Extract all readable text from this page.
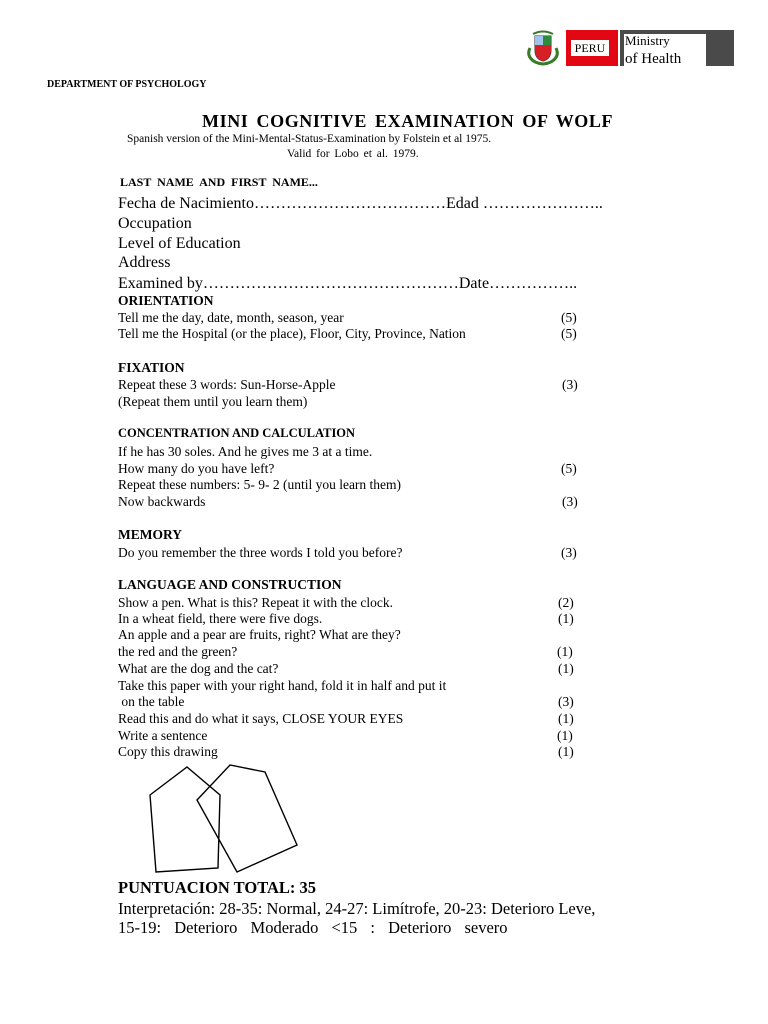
PERU Ministry
of Health
DEPARTMENT OF PSYCHOLOGY
MINI COGNITIVE EXAMINATION OF WOLF
Spanish version of the Mini-Mental-Status-Examination by Folstein et al 1975.
Valid for Lobo et al. 1979.
LAST NAME AND FIRST NAME...
Fecha de Nacimiento………………………………Edad …………………..
Occupation
Level of Education
Address
Examined by…………………………………………Date……………..
ORIENTATION
Tell me the day, date, month, season, year	(5)
Tell me the Hospital (or the place), Floor, City, Province, Nation	(5)
FIXATION
Repeat these 3 words: Sun-Horse-Apple	(3)
(Repeat them until you learn them)
CONCENTRATION AND CALCULATION
If he has 30 soles. And he gives me 3 at a time.
How many do you have left?	(5)
Repeat these numbers: 5- 9- 2 (until you learn them)
Now backwards	(3)
MEMORY
Do you remember the three words I told you before?	(3)
LANGUAGE AND CONSTRUCTION
Show a pen. What is this? Repeat it with the clock.	(2)
In a wheat field, there were five dogs.	(1)
An apple and a pear are fruits, right? What are they?
the red and the green?	(1)
What are the dog and the cat?	(1)
Take this paper with your right hand, fold it in half and put it
on the table	(3)
Read this and do what it says, CLOSE YOUR EYES	(1)
Write a sentence	(1)
Copy this drawing	(1)
PUNTUACION TOTAL: 35
Interpretación: 28-35: Normal, 24-27: Limítrofe, 20-23: Deterioro Leve,
15-19: Deterioro Moderado <15 : Deterioro severo
